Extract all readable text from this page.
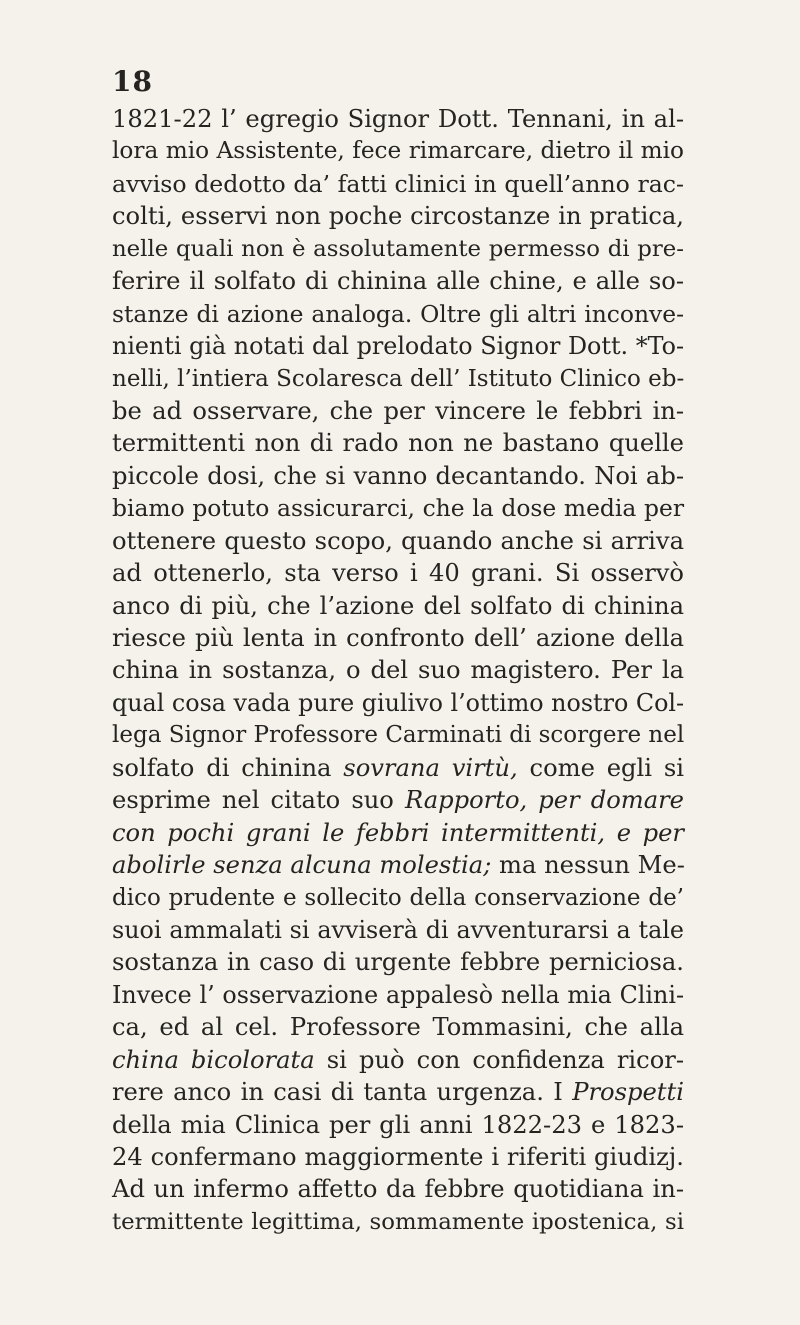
18
1821-22 l’ egregio Signor Dott. Tennani, in al-
lora mio Assistente, fece rimarcare, dietro il mio
avviso dedotto da’ fatti clinici in quell’anno rac-
colti, esservi non poche circostanze in pratica,
nelle quali non è assolutamente permesso di pre-
ferire il solfato di chinina alle chine, e alle so-
stanze di azione analoga. Oltre gli altri inconve-
nienti già notati dal prelodato Signor Dott. *To-
nelli, l’intiera Scolaresca dell’ Istituto Clinico eb-
be ad osservare, che per vincere le febbri in-
termittenti non di rado non ne bastano quelle
piccole dosi, che si vanno decantando. Noi ab-
biamo potuto assicurarci, che la dose media per
ottenere questo scopo, quando anche si arriva
ad ottenerlo, sta verso i 40 grani. Si osservò
anco di più, che l’azione del solfato di chinina
riesce più lenta in confronto dell’ azione della
china in sostanza, o del suo magistero. Per la
qual cosa vada pure giulivo l’ottimo nostro Col-
lega Signor Professore Carminati di scorgere nel
solfato di chinina sovrana virtù, come egli si
esprime nel citato suo Rapporto, per domare
con pochi grani le febbri intermittenti, e per
abolirle senza alcuna molestia; ma nessun Me-
dico prudente e sollecito della conservazione de’
suoi ammalati si avviserà di avventurarsi a tale
sostanza in caso di urgente febbre perniciosa.
Invece l’ osservazione appalesò nella mia Clini-
ca, ed al cel. Professore Tommasini, che alla
china bicolorata si può con confidenza ricor-
rere anco in casi di tanta urgenza. I Prospetti
della mia Clinica per gli anni 1822-23 e 1823-
24 confermano maggiormente i riferiti giudizj.
Ad un infermo affetto da febbre quotidiana in-
termittente legittima, sommamente ipostenica, si
